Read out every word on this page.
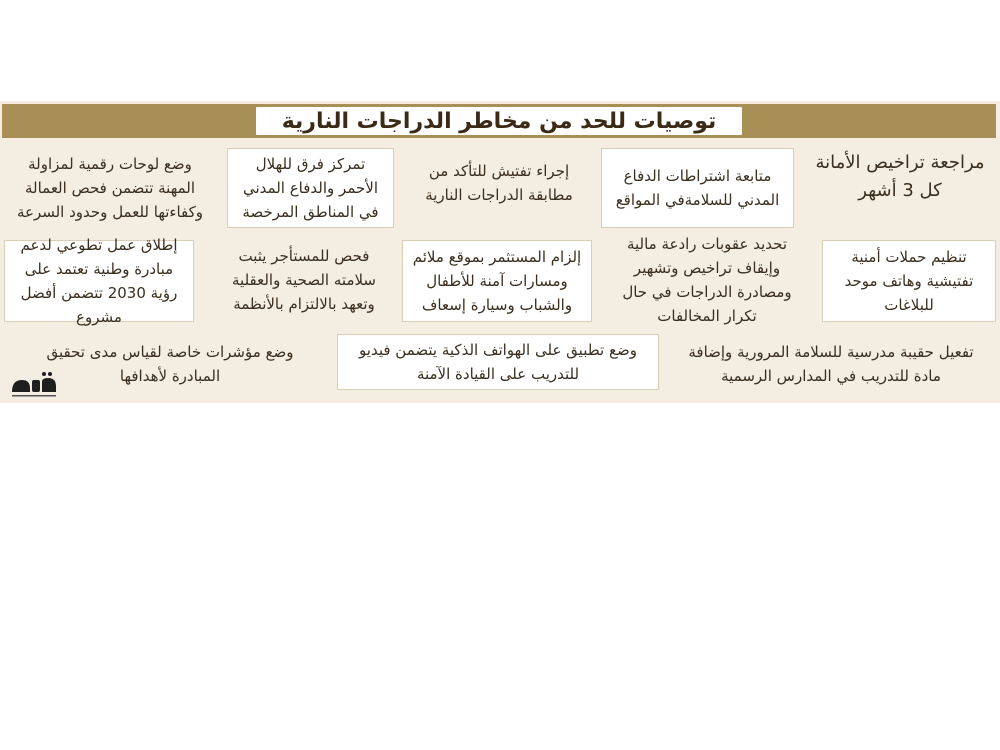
توصيات للحد من مخاطر الدراجات النارية
مراجعة تراخيص الأمانة كل 3 أشهر
متابعة اشتراطات الدفاع المدني للسلامةفي المواقع
إجراء تفتيش للتأكد من مطابقة الدراجات النارية
تمركز فرق للهلال الأحمر والدفاع المدني في المناطق المرخصة
وضع لوحات رقمية لمزاولة المهنة تتضمن فحص العمالة وكفاءتها للعمل وحدود السرعة
تنظيم حملات أمنية تفتيشية وهاتف موحد للبلاغات
تحديد عقوبات رادعة مالية وإيقاف تراخيص وتشهير ومصادرة الدراجات في حال تكرار المخالفات
إلزام المستثمر بموقع ملائم ومسارات آمنة للأطفال والشباب وسيارة إسعاف
فحص للمستأجر يثبت سلامته الصحية والعقلية وتعهد بالالتزام بالأنظمة
إطلاق عمل تطوعي لدعم مبادرة وطنية تعتمد على رؤية 2030 تتضمن أفضل مشروع
تفعيل حقيبة مدرسية للسلامة المرورية وإضافة مادة للتدريب في المدارس الرسمية
وضع تطبيق على الهواتف الذكية يتضمن فيديو للتدريب على القيادة الآمنة
وضع مؤشرات خاصة لقياس مدى تحقيق المبادرة لأهدافها
